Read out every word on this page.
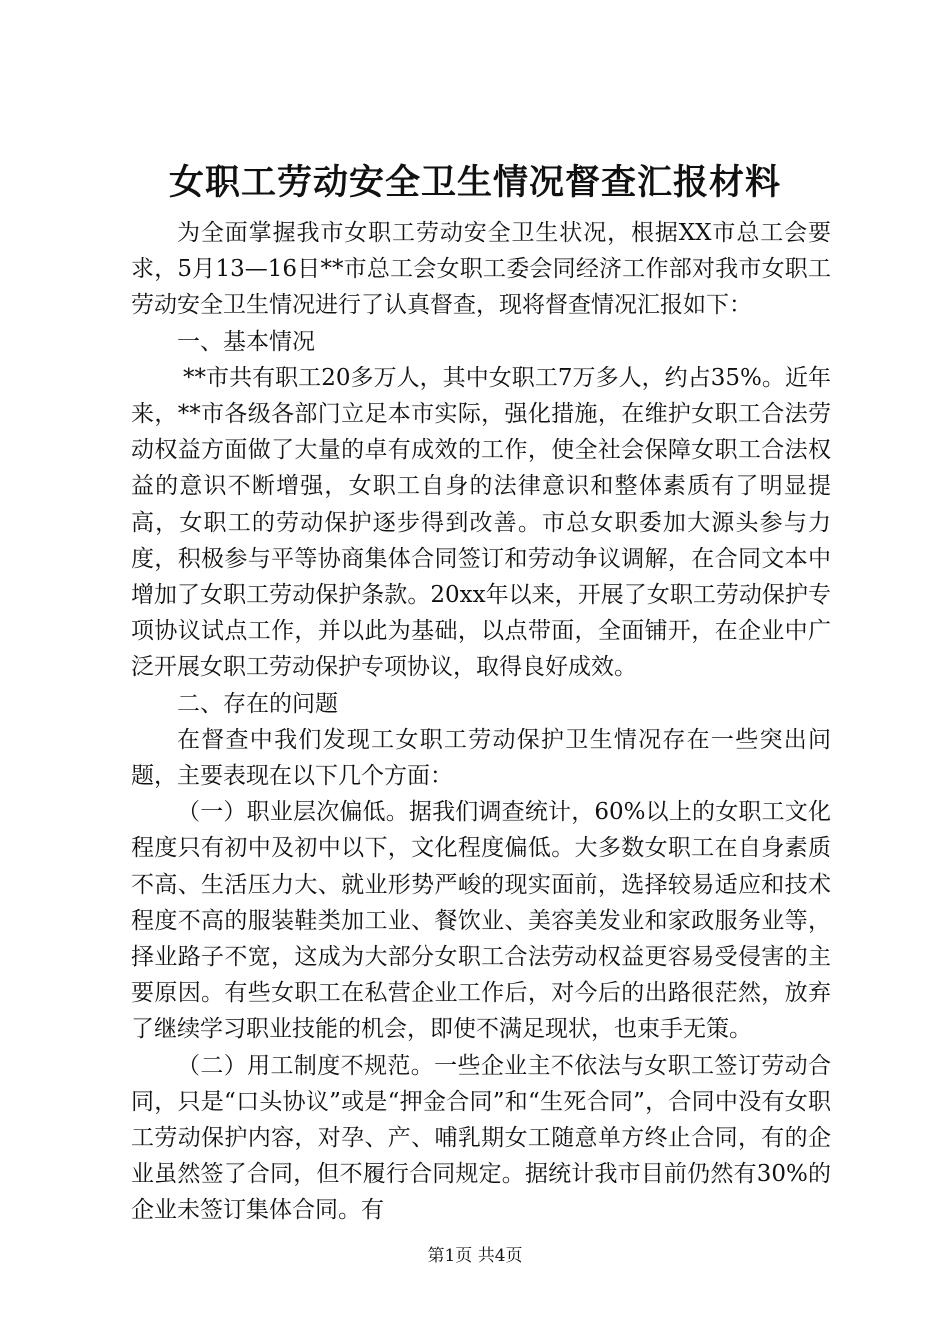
女职工劳动安全卫生情况督查汇报材料

为全面掌握我市女职工劳动安全卫生状况，根据XX市总工会要求，5月13—16日**市总工会女职工委会同经济工作部对我市女职工劳动安全卫生情况进行了认真督查，现将督查情况汇报如下：

一、基本情况

**市共有职工20多万人，其中女职工7万多人，约占35%。近年来，**市各级各部门立足本市实际，强化措施，在维护女职工合法劳动权益方面做了大量的卓有成效的工作，使全社会保障女职工合法权益的意识不断增强，女职工自身的法律意识和整体素质有了明显提高，女职工的劳动保护逐步得到改善。市总女职委加大源头参与力度，积极参与平等协商集体合同签订和劳动争议调解，在合同文本中增加了女职工劳动保护条款。20xx年以来，开展了女职工劳动保护专项协议试点工作，并以此为基础，以点带面，全面铺开，在企业中广泛开展女职工劳动保护专项协议，取得良好成效。

二、存在的问题

在督查中我们发现工女职工劳动保护卫生情况存在一些突出问题，主要表现在以下几个方面：

（一）职业层次偏低。据我们调查统计，60%以上的女职工文化程度只有初中及初中以下，文化程度偏低。大多数女职工在自身素质不高、生活压力大、就业形势严峻的现实面前，选择较易适应和技术程度不高的服装鞋类加工业、餐饮业、美容美发业和家政服务业等，择业路子不宽，这成为大部分女职工合法劳动权益更容易受侵害的主要原因。有些女职工在私营企业工作后，对今后的出路很茫然，放弃了继续学习职业技能的机会，即使不满足现状，也束手无策。

（二）用工制度不规范。一些企业主不依法与女职工签订劳动合同，只是“口头协议”或是“押金合同”和“生死合同”，合同中没有女职工劳动保护内容，对孕、产、哺乳期女工随意单方终止合同，有的企业虽然签了合同，但不履行合同规定。据统计我市目前仍然有30%的企业未签订集体合同。有

第1页 共4页
